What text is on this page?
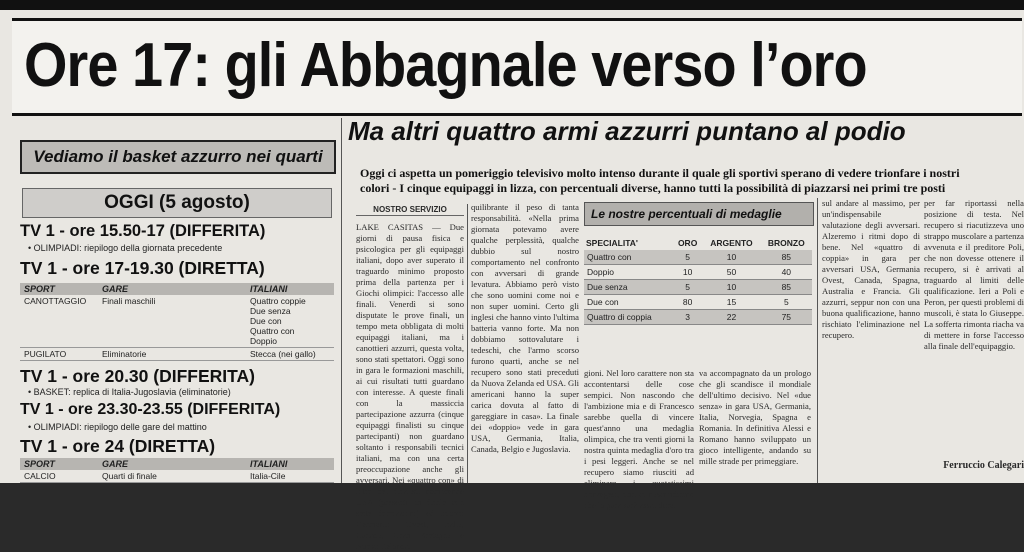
Ore 17: gli Abbagnale verso l’oro
Vediamo il basket azzurro nei quarti
OGGI (5 agosto)
TV 1 - ore 15.50-17 (DIFFERITA)
• OLIMPIADI: riepilogo della giornata precedente
TV 1 - ore 17-19.30 (DIRETTA)
SPORT	GARE	ITALIANI
CANOTTAGGIO	Finali maschili	Quattro coppie
Due senza
Due con
Quattro con
Doppio
PUGILATO	Eliminatorie	Stecca (nei gallo)
TV 1 - ore 20.30 (DIFFERITA)
• BASKET: replica di Italia-Jugoslavia (eliminatorie)
TV 1 - ore 23.30-23.55 (DIFFERITA)
• OLIMPIADI: riepilogo delle gare del mattino
TV 1 - ore 24 (DIRETTA)
SPORT	GARE	ITALIANI
CALCIO	Quarti di finale	Italia-Cile
Ma altri quattro armi azzurri puntano al podio
Oggi ci aspetta un pomeriggio televisivo molto intenso durante il quale gli sportivi sperano di vedere trionfare i nostri
colori - I cinque equipaggi in lizza, con percentuali diverse, hanno tutti la possibilità di piazzarsi nei primi tre posti
NOSTRO SERVIZIO
LAKE CASITAS — Due giorni di pausa fisica e psicologica per gli equipaggi italiani, dopo aver superato il traguardo minimo proposto prima della partenza per i Giochi olimpici: l'accesso alle finali. Venerdì si sono disputate le prove finali, un tempo meta obbligata di molti equipaggi italiani, ma i canottieri azzurri, questa volta, sono stati spettatori. Oggi sono in gara le formazioni maschili, ai cui risultati tutti guardano con interesse. A queste finali con la massiccia partecipazione azzurra (cinque equipaggi finalisti su cinque partecipanti) non guardano soltanto i responsabili tecnici italiani, ma con una certa preoccupazione anche gli avversari. Nei «quattro con» di lotto dei finalisti comprende USA (presente in finale con sette formazioni) ed ancora Germania Ovest, Italia, Canada, Gran Bretagna e Nuova Zelanda.
quilibrante il peso di tanta responsabilità. «Nella prima giornata potevamo avere qualche perplessità, qualche dubbio sul nostro comportamento nel confronto con avversari di grande levatura. Abbiamo però visto che sono uomini come noi e non super uomini. Certo gli inglesi che hanno vinto l'ultima batteria vanno forte. Ma non dobbiamo sottovalutare i tedeschi, che l'armo scorso furono quarti, anche se nel recupero sono stati preceduti da Nuova Zelanda ed USA. Gli americani hanno la super carica dovuta al fatto di gareggiare in casa». La finale dei «doppio» vede in gara USA, Germania, Italia, Canada, Belgio e Jugoslavia.
Le nostre percentuali di medaglie
SPECIALITA'	ORO	ARGENTO	BRONZO
Quattro con	5	10	85
Doppio	10	50	40
Due senza	5	10	85
Due con	80	15	5
Quattro di coppia	3	22	75
gioni. Nel loro carattere non sta accontentarsi delle cose sempici. Non nascondo che l'ambizione mia e di Francesco sarebbe quella di vincere quest'anno una medaglia olimpica, che tra venti giorni la nostra quinta medaglia d'oro tra i pesi leggeri. Anche se nel recupero siamo riusciti ad eliminare i quotatissimi norvegesi, non ci nascondiamo che la gara sarà assai dura.
va accompagnato da un prologo che gli scandisce il mondiale dell'ultimo decisivo. Nel «due senza» in gara USA, Germania, Italia, Norvegia, Spagna e Romania. In definitiva Alessi e Romano hanno sviluppato un gioco intelligente, andando su mille strade per primeggiare.
sul andare al massimo, per un'indispensabile valutazione degli avversari. Alzeremo i ritmi dopo di bene. Nel «quattro di coppia» in gara per avversari USA, Germania Ovest, Canada, Spagna, Australia e Francia. Gli azzurri, seppur non con una buona qualificazione, hanno rischiato l'eliminazione nel recupero.
per far riportassi nella posizione di testa. Nel recupero si riacutizzeva uno strappo muscolare a partenza avvenuta e il preditore Poli, che non dovesse ottenere il recupero, si è arrivati al traguardo al limiti delle qualificazione. Ieri a Poli e Peron, per questi problemi di muscoli, è stata lo Giuseppe. La sofferta rimonta riacha va di mettere in forse l'accesso alla finale dell'equipaggio.
Ferruccio Calegari
